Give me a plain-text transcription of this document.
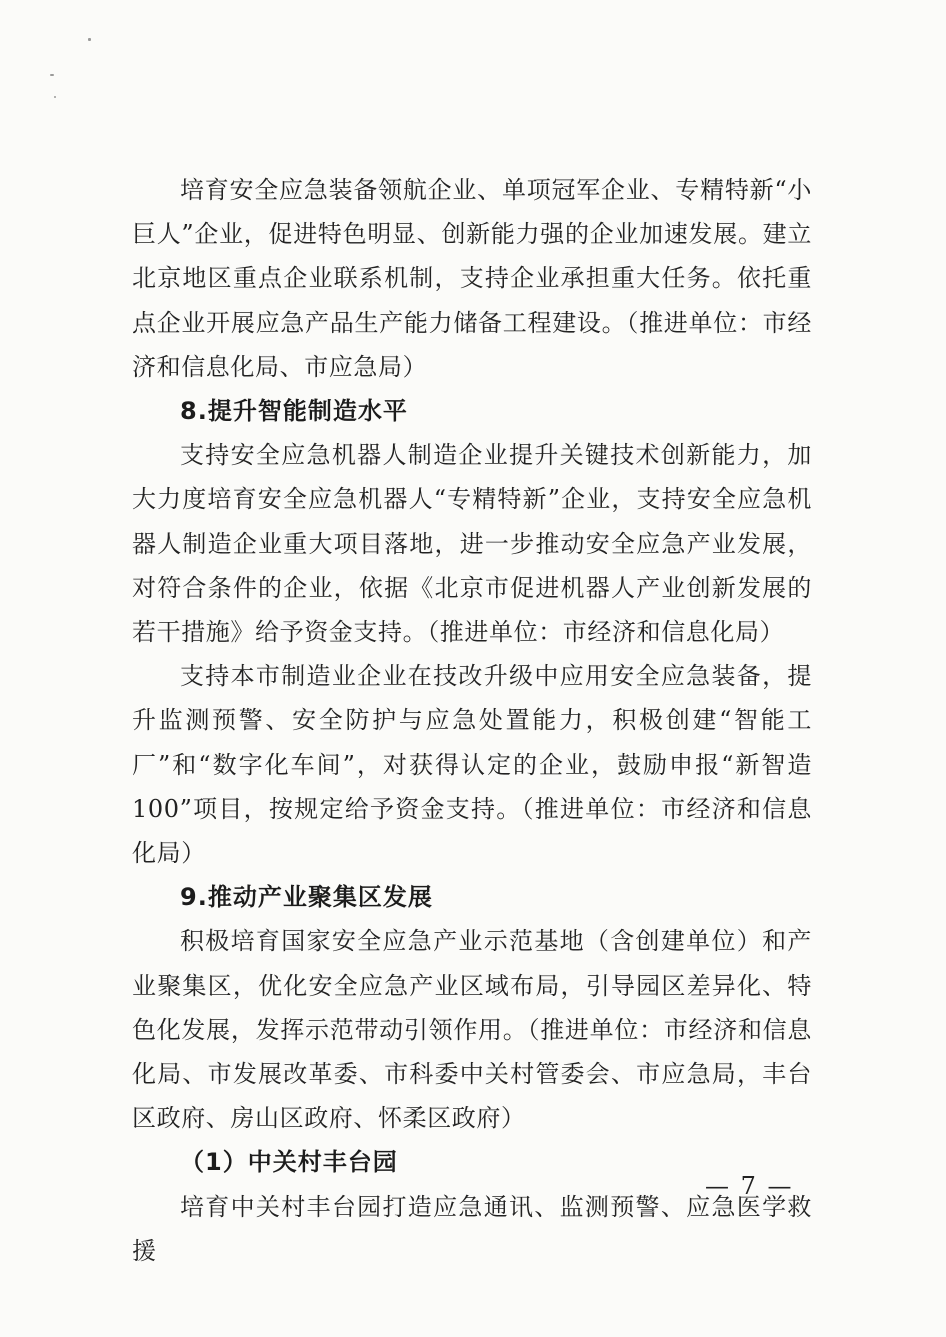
培育安全应急装备领航企业、单项冠军企业、专精特新“小巨人”企业，促进特色明显、创新能力强的企业加速发展。建立北京地区重点企业联系机制，支持企业承担重大任务。依托重点企业开展应急产品生产能力储备工程建设。（推进单位：市经济和信息化局、市应急局）

8.提升智能制造水平

支持安全应急机器人制造企业提升关键技术创新能力，加大力度培育安全应急机器人“专精特新”企业，支持安全应急机器人制造企业重大项目落地，进一步推动安全应急产业发展，对符合条件的企业，依据《北京市促进机器人产业创新发展的若干措施》给予资金支持。（推进单位：市经济和信息化局）

支持本市制造业企业在技改升级中应用安全应急装备，提升监测预警、安全防护与应急处置能力，积极创建“智能工厂”和“数字化车间”，对获得认定的企业，鼓励申报“新智造100”项目，按规定给予资金支持。（推进单位：市经济和信息化局）

9.推动产业聚集区发展

积极培育国家安全应急产业示范基地（含创建单位）和产业聚集区，优化安全应急产业区域布局，引导园区差异化、特色化发展，发挥示范带动引领作用。（推进单位：市经济和信息化局、市发展改革委、市科委中关村管委会、市应急局，丰台区政府、房山区政府、怀柔区政府）

（1）中关村丰台园

培育中关村丰台园打造应急通讯、监测预警、应急医学救援

— 7 —
